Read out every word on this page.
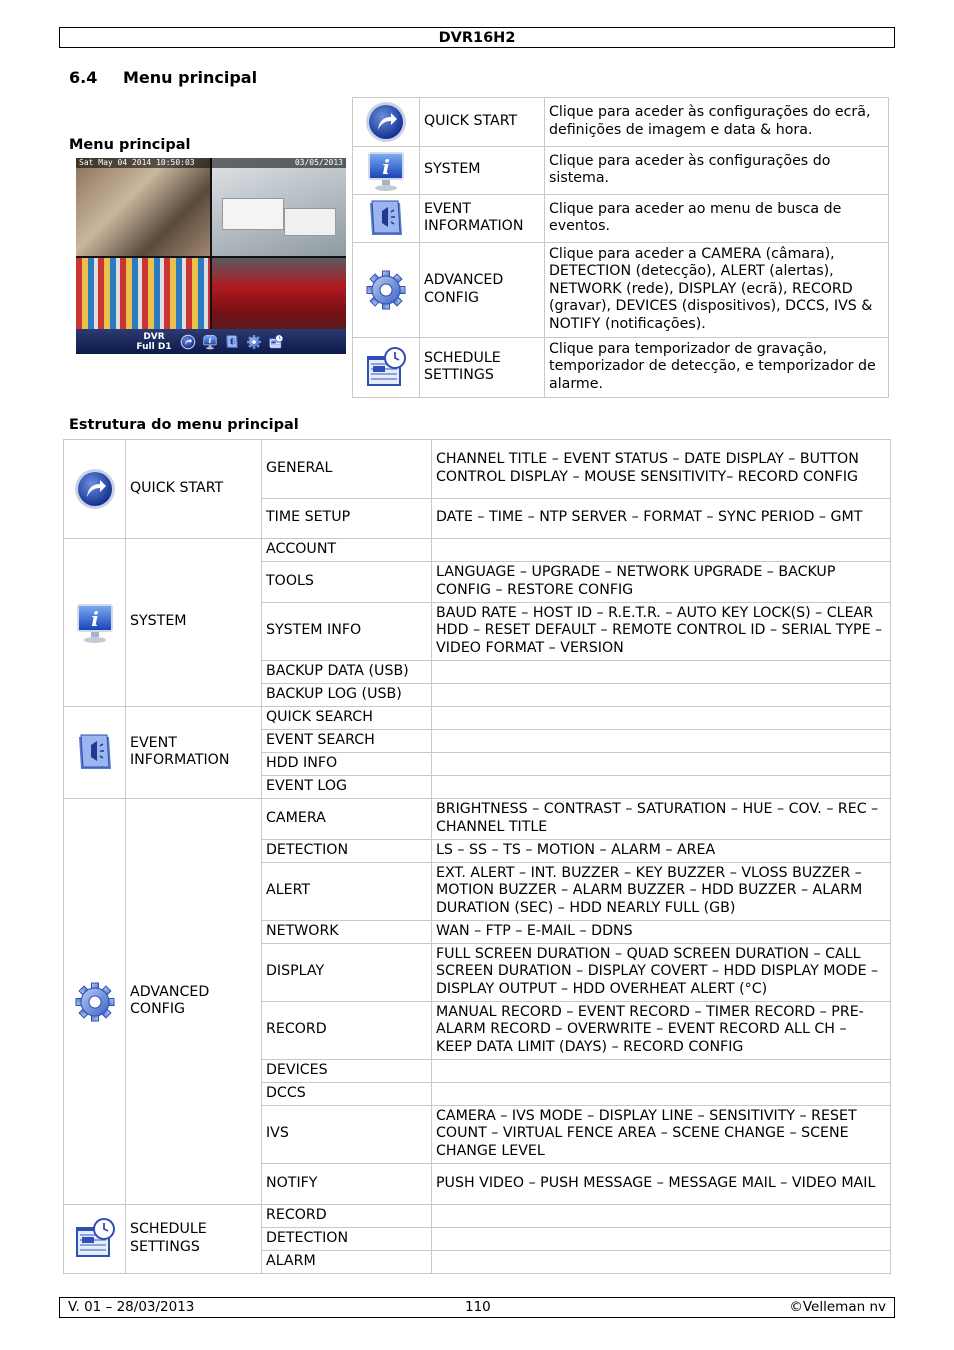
DVR16H2
6.4 Menu principal
Menu principal
Sat May 04 2014 10:50:03	03/05/2013
DVR
Full D1
	QUICK START	Clique para aceder às configurações do ecrã, definições de imagem e data & hora.

	SYSTEM	Clique para aceder às configurações do sistema.

	EVENT INFORMATION	Clique para aceder ao menu de busca de eventos.

	ADVANCED CONFIG	Clique para aceder a CAMERA (câmara), DETECTION (detecção), ALERT (alertas), NETWORK (rede), DISPLAY (ecrã), RECORD (gravar), DEVICES (dispositivos), DCCS, IVS & NOTIFY (notificações).

	SCHEDULE SETTINGS	Clique para temporizador de gravação, temporizador de detecção, e temporizador de alarme.
Estrutura do menu principal
	QUICK START	GENERAL	CHANNEL TITLE – EVENT STATUS – DATE DISPLAY – BUTTON CONTROL DISPLAY – MOUSE SENSITIVITY– RECORD CONFIG
		TIME SETUP	DATE – TIME – NTP SERVER – FORMAT – SYNC PERIOD – GMT

	SYSTEM	ACCOUNT	
		TOOLS	LANGUAGE – UPGRADE – NETWORK UPGRADE – BACKUP CONFIG – RESTORE CONFIG
		SYSTEM INFO	BAUD RATE – HOST ID – R.E.T.R. – AUTO KEY LOCK(S) – CLEAR HDD – RESET DEFAULT – REMOTE CONTROL ID – SERIAL TYPE – VIDEO FORMAT – VERSION
		BACKUP DATA (USB)	
		BACKUP LOG (USB)	

	EVENT INFORMATION	QUICK SEARCH	
		EVENT SEARCH	
		HDD INFO	
		EVENT LOG	

	ADVANCED CONFIG	CAMERA	BRIGHTNESS – CONTRAST – SATURATION – HUE – COV. – REC – CHANNEL TITLE
		DETECTION	LS – SS – TS – MOTION – ALARM – AREA
		ALERT	EXT. ALERT – INT. BUZZER – KEY BUZZER – VLOSS BUZZER – MOTION BUZZER – ALARM BUZZER – HDD BUZZER – ALARM DURATION (SEC) – HDD NEARLY FULL (GB)
		NETWORK	WAN – FTP – E-MAIL – DDNS
		DISPLAY	FULL SCREEN DURATION – QUAD SCREEN DURATION – CALL SCREEN DURATION – DISPLAY COVERT – HDD DISPLAY MODE – DISPLAY OUTPUT – HDD OVERHEAT ALERT (°C)
		RECORD	MANUAL RECORD – EVENT RECORD – TIMER RECORD – PRE-ALARM RECORD – OVERWRITE – EVENT RECORD ALL CH – KEEP DATA LIMIT (DAYS) – RECORD CONFIG
		DEVICES	
		DCCS	
		IVS	CAMERA – IVS MODE – DISPLAY LINE – SENSITIVITY – RESET COUNT – VIRTUAL FENCE AREA – SCENE CHANGE – SCENE CHANGE LEVEL
		NOTIFY	PUSH VIDEO – PUSH MESSAGE – MESSAGE MAIL – VIDEO MAIL

	SCHEDULE SETTINGS	RECORD	
		DETECTION	
		ALARM	
V. 01 – 28/03/2013	110	©Velleman nv
